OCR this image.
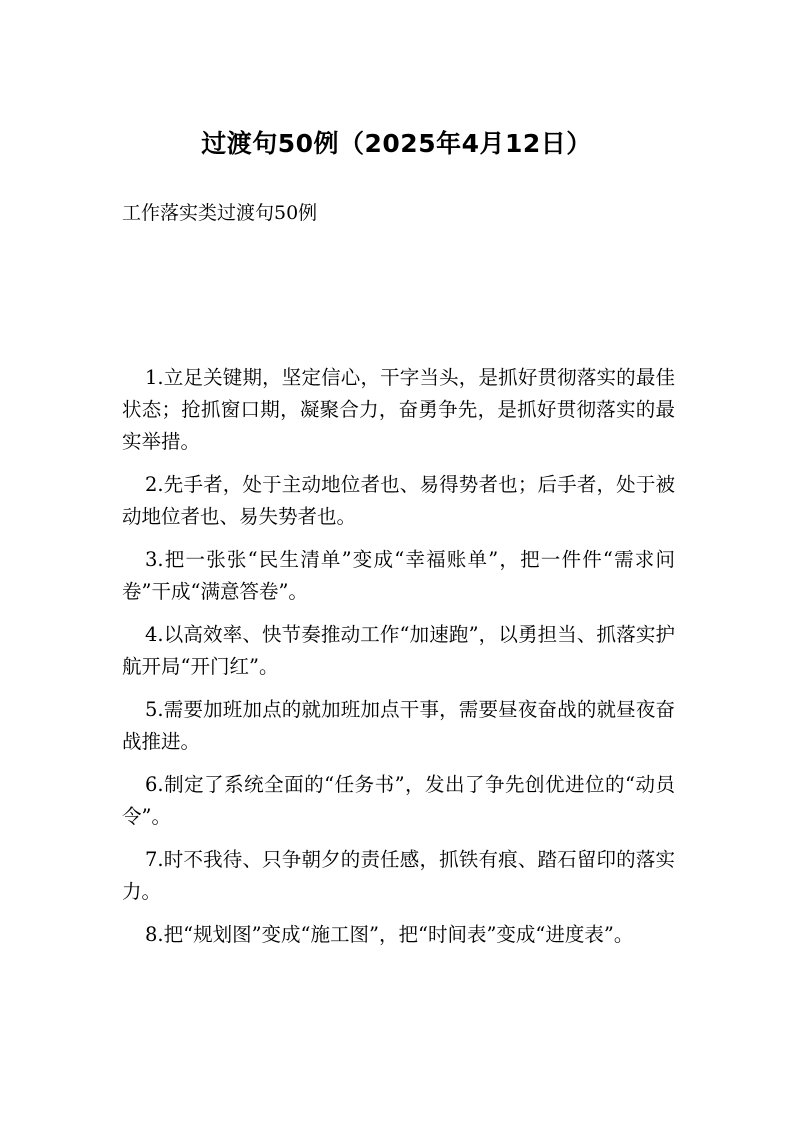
过渡句50例（2025年4月12日）

工作落实类过渡句50例

1.立足关键期，坚定信心，干字当头，是抓好贯彻落实的最佳状态；抢抓窗口期，凝聚合力，奋勇争先，是抓好贯彻落实的最实举措。

2.先手者，处于主动地位者也、易得势者也；后手者，处于被动地位者也、易失势者也。

3.把一张张“民生清单”变成“幸福账单”，把一件件“需求问卷”干成“满意答卷”。

4.以高效率、快节奏推动工作“加速跑”，以勇担当、抓落实护航开局“开门红”。

5.需要加班加点的就加班加点干事，需要昼夜奋战的就昼夜奋战推进。

6.制定了系统全面的“任务书”，发出了争先创优进位的“动员令”。

7.时不我待、只争朝夕的责任感，抓铁有痕、踏石留印的落实力。

8.把“规划图”变成“施工图”，把“时间表”变成“进度表”。
